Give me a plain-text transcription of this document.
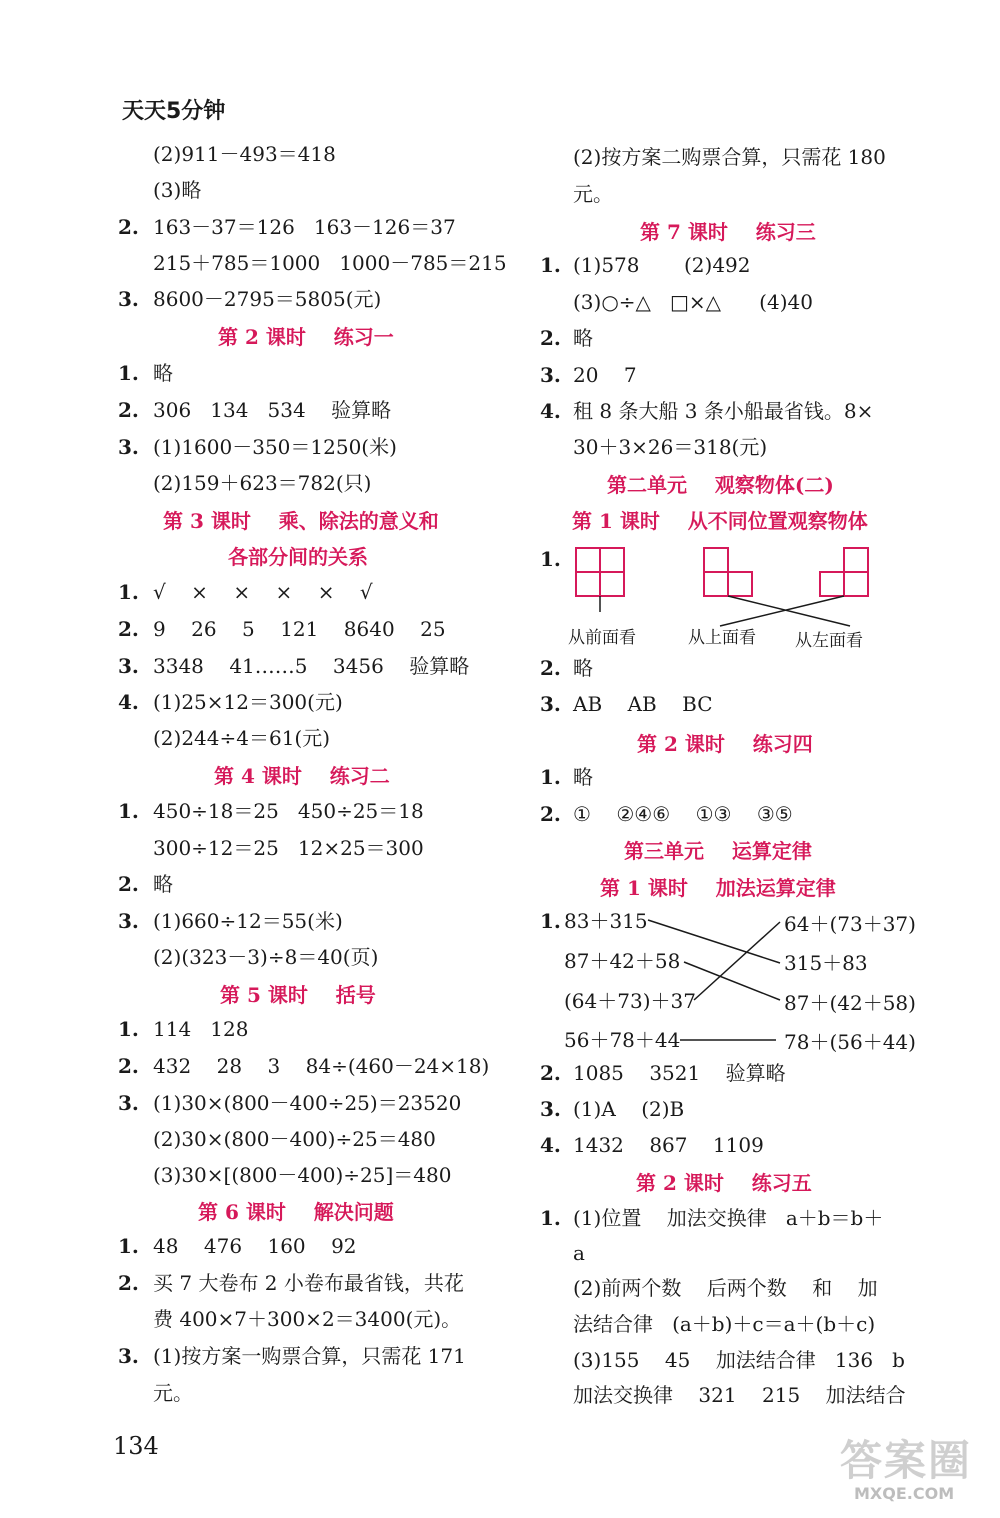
天天5分钟
(2)911－493＝418
(3)略
2. 163－37＝126   163－126＝37
215＋785＝1000   1000－785＝215
3. 8600－2795＝5805(元)
第 2 课时    练习一
1. 略
2. 306   134   534    验算略
3. (1)1600－350＝1250(米)
(2)159＋623＝782(只)
第 3 课时    乘、除法的意义和
各部分间的关系
1. √    ×    ×    ×    ×    √
2. 9    26    5    121    8640    25
3. 3348    41……5    3456    验算略
4. (1)25×12＝300(元)
(2)244÷4＝61(元)
第 4 课时    练习二
1. 450÷18＝25   450÷25＝18
300÷12＝25   12×25＝300
2. 略
3. (1)660÷12＝55(米)
(2)(323－3)÷8＝40(页)
第 5 课时    括号
1. 114   128
2. 432    28    3    84÷(460－24×18)
3. (1)30×(800－400÷25)＝23520
(2)30×(800－400)÷25＝480
(3)30×[(800－400)÷25]＝480
第 6 课时    解决问题
1. 48    476    160    92
2. 买 7 大卷布 2 小卷布最省钱，共花
费 400×7＋300×2＝3400(元)。
3. (1)按方案一购票合算，只需花 171
元。
(2)按方案二购票合算，只需花 180
元。
第 7 课时    练习三
1. (1)578       (2)492
(3)○÷△   □×△      (4)40
2. 略
3. 20    7
4. 租 8 条大船 3 条小船最省钱。8×
30＋3×26＝318(元)
第二单元    观察物体(二)
第 1 课时    从不同位置观察物体
1.
2. 略
3. AB    AB    BC
第 2 课时    练习四
1. 略
2. ①    ②④⑥    ①③    ③⑤
第三单元    运算定律
第 1 课时    加法运算定律
1.
2. 1085    3521    验算略
3. (1)A    (2)B
4. 1432    867    1109
第 2 课时    练习五
1. (1)位置    加法交换律   a＋b＝b＋
a
(2)前两个数    后两个数    和    加
法结合律   (a＋b)＋c＝a＋(b＋c)
(3)155    45    加法结合律   136   b
加法交换律    321    215    加法结合
从前面看	从上面看 从左面看
83＋315
87＋42＋58
(64＋73)＋37
56＋78＋44
64＋(73＋37)
315＋83
87＋(42＋58)
78＋(56＋44)
134	答案圈
MXQE.COM
